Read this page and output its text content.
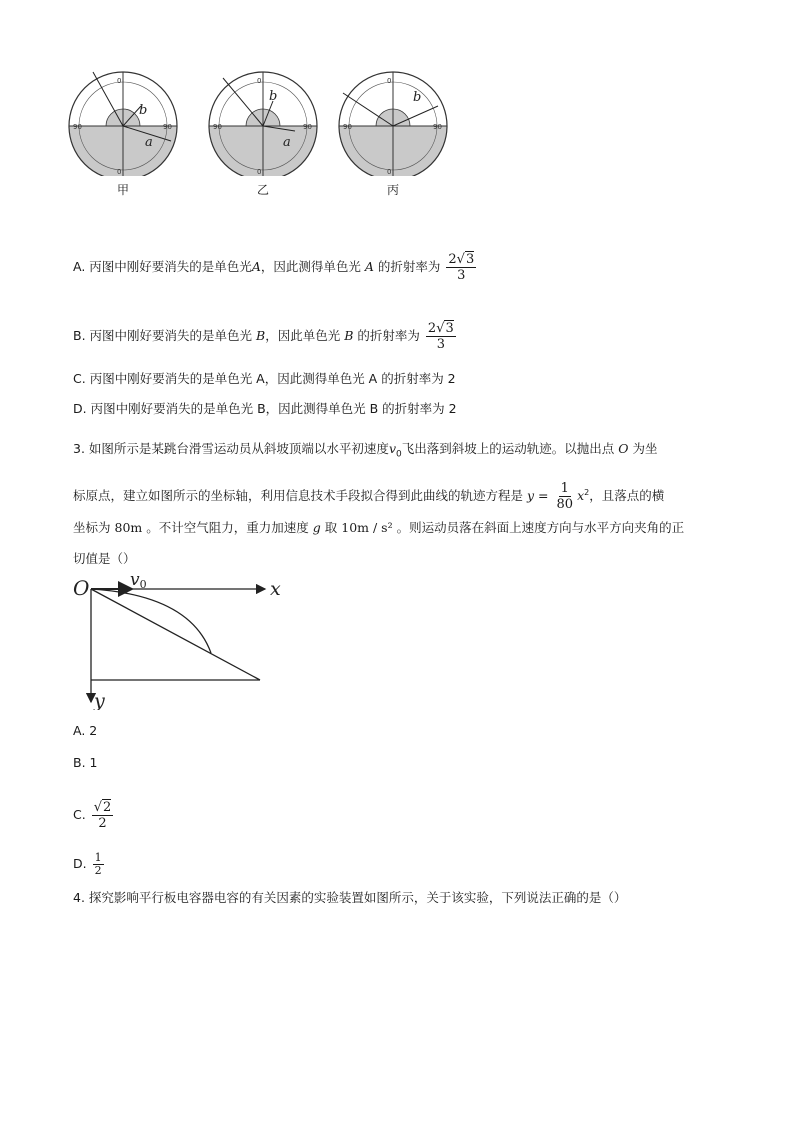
b
a
0
90	90
0
b
a
0
90	90
0
b
0
90	90
0
甲	乙	丙
A. 丙图中刚好要消失的是单色光A，因此测得单色光 A 的折射率为 $\frac{2√3}{3}$
B. 丙图中刚好要消失的是单色光 B，因此单色光 B 的折射率为 $\frac{2√3}{3}$
C. 丙图中刚好要消失的是单色光 A，因此测得单色光 A 的折射率为 2
D. 丙图中刚好要消失的是单色光 B，因此测得单色光 B 的折射率为 2
3. 如图所示是某跳台滑雪运动员从斜坡顶端以水平初速度$v_0$飞出落到斜坡上的运动轨迹。以抛出点 O 为坐
标原点，建立如图所示的坐标轴，利用信息技术手段拟合得到此曲线的轨迹方程是 $y = \frac{1}{80} x^2$，且落点的横
坐标为 80m 。不计空气阻力，重力加速度 g 取 10m / s² 。则运动员落在斜面上速度方向与水平方向夹角的正
切值是（）
O v0	x
y
A. 2
B. 1
C. $\frac{√2}{2}$
D. $\frac{1}{2}$
4. 探究影响平行板电容器电容的有关因素的实验装置如图所示，关于该实验，下列说法正确的是（）
